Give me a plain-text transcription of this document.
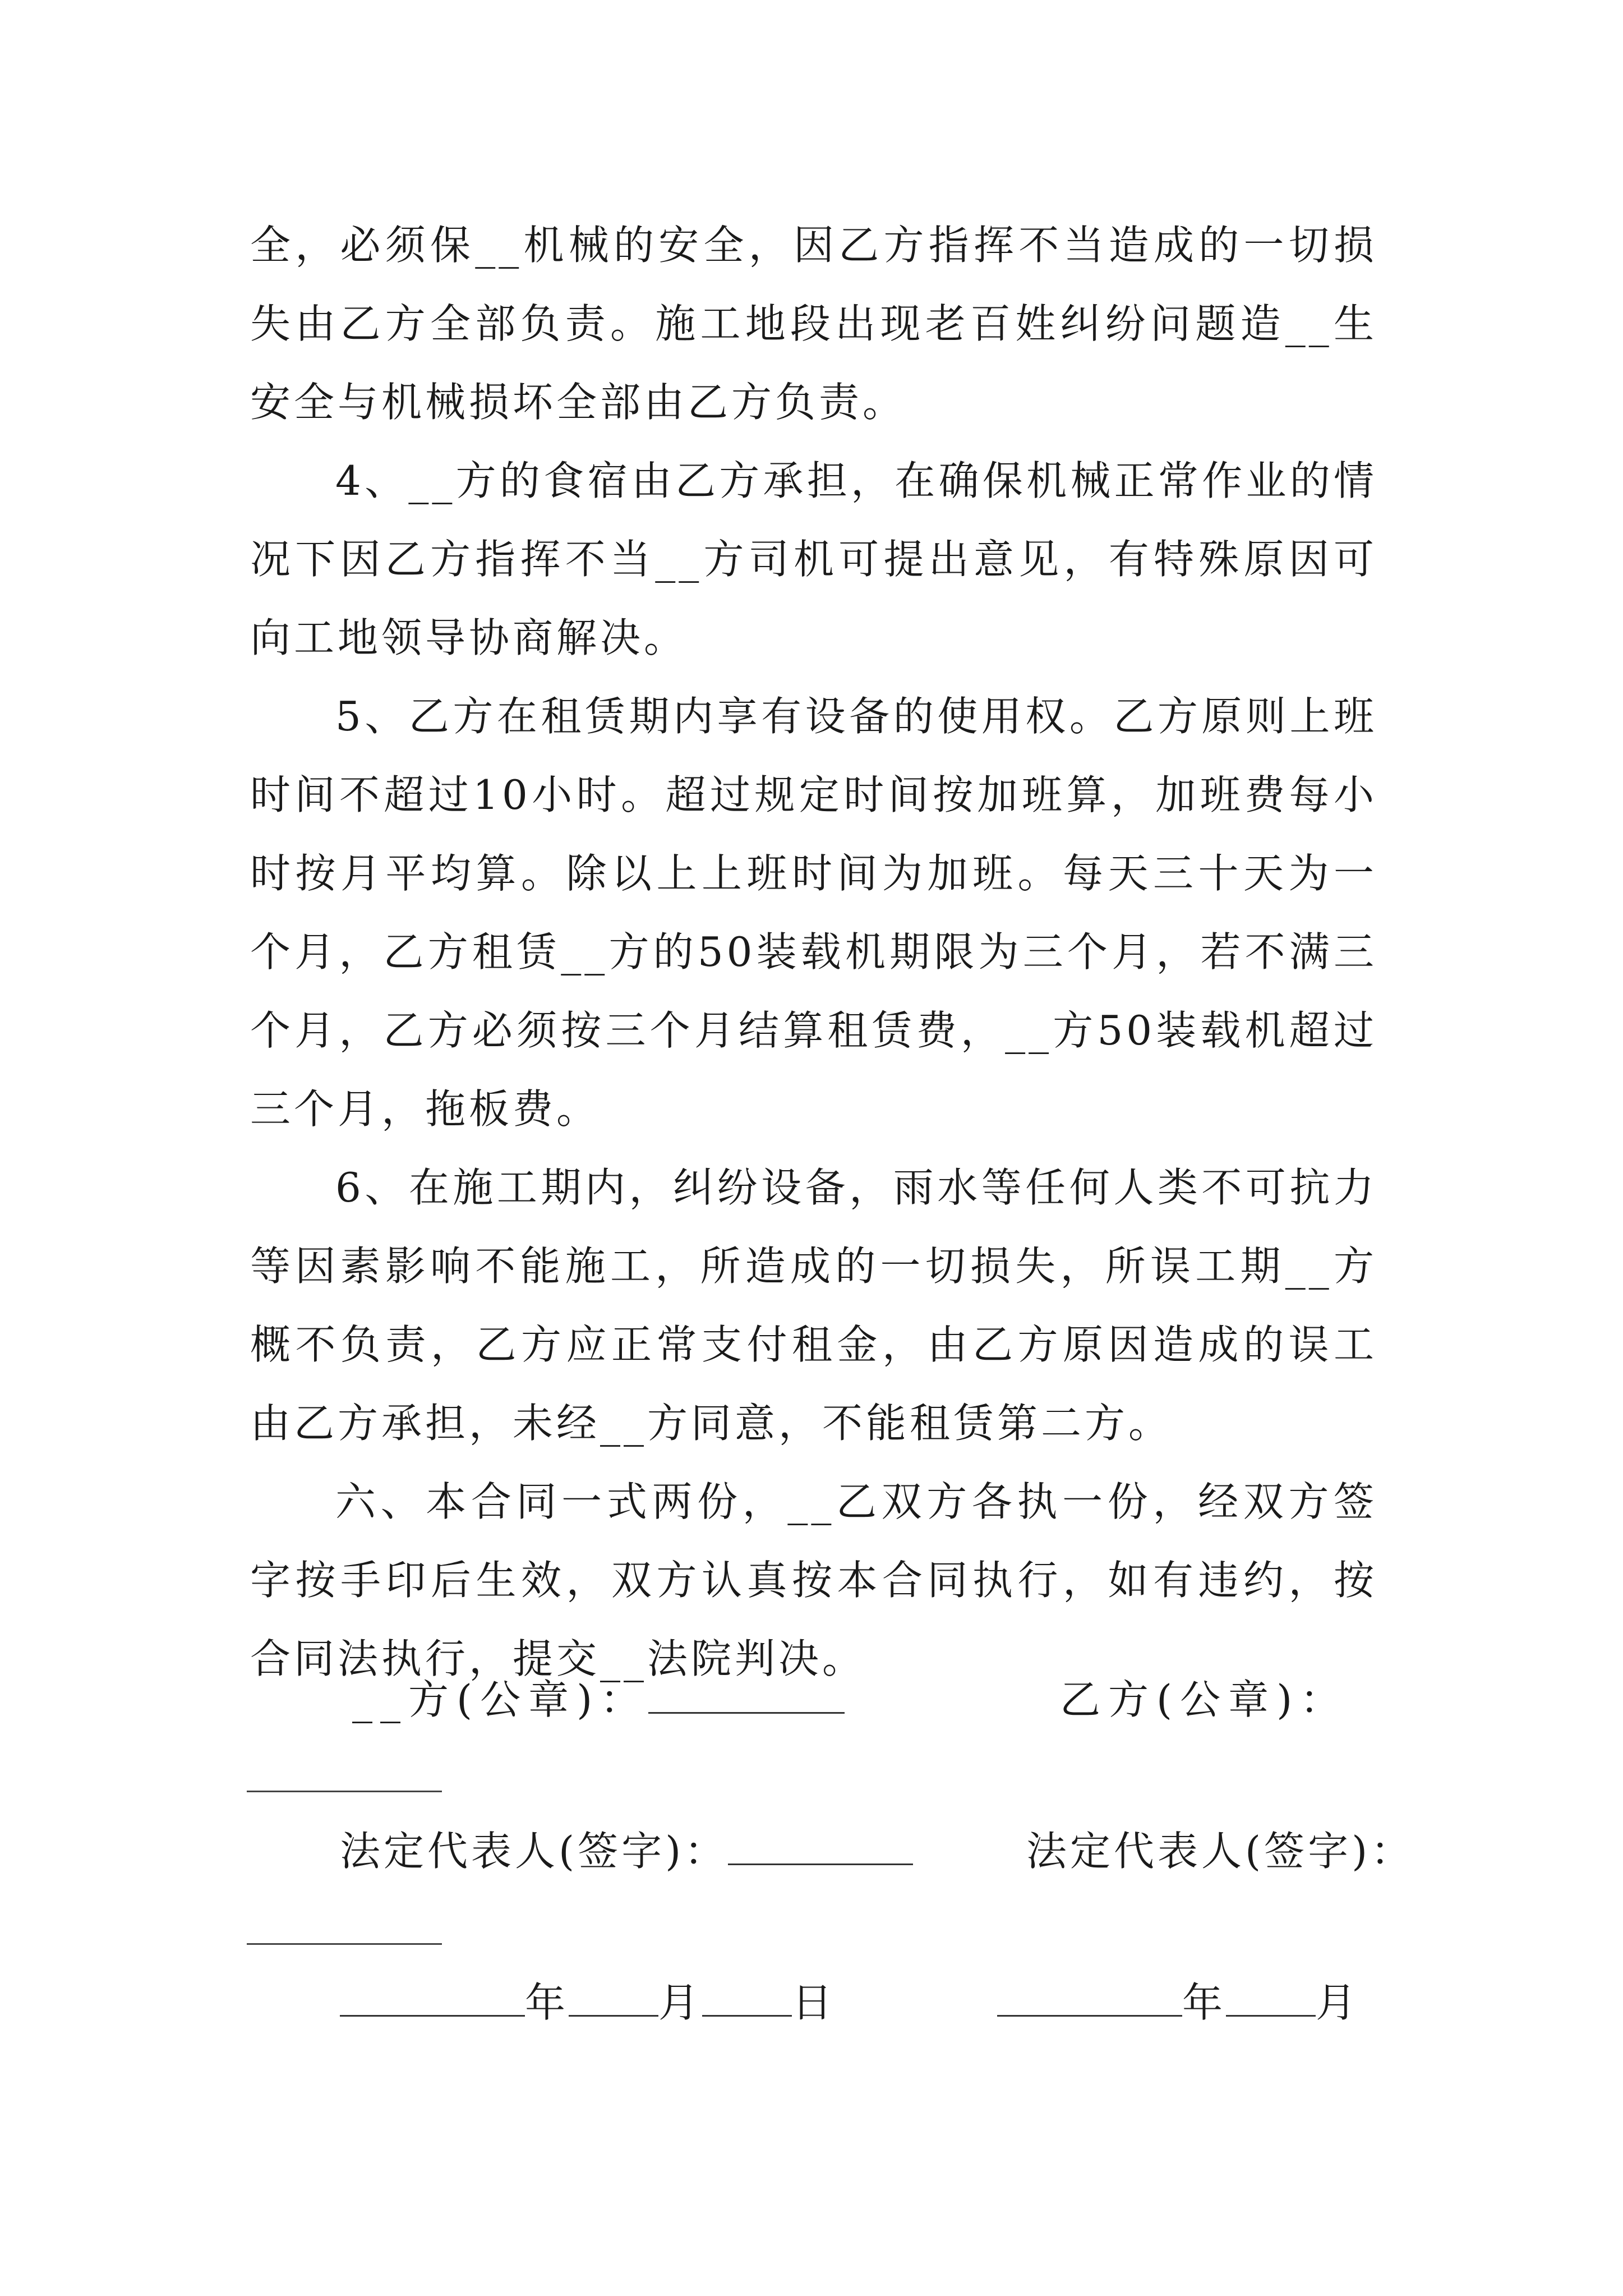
全，必须保__机械的安全，因乙方指挥不当造成的一切损失由乙方全部负责。施工地段出现老百姓纠纷问题造__生安全与机械损坏全部由乙方负责。

4、__方的食宿由乙方承担，在确保机械正常作业的情况下因乙方指挥不当__方司机可提出意见，有特殊原因可向工地领导协商解决。

5、乙方在租赁期内享有设备的使用权。乙方原则上班时间不超过10小时。超过规定时间按加班算，加班费每小时按月平均算。除以上上班时间为加班。每天三十天为一个月，乙方租赁__方的50装载机期限为三个月，若不满三个月，乙方必须按三个月结算租赁费，__方50装载机超过三个月，拖板费。

6、在施工期内，纠纷设备，雨水等任何人类不可抗力等因素影响不能施工，所造成的一切损失，所误工期__方概不负责，乙方应正常支付租金，由乙方原因造成的误工由乙方承担，未经__方同意，不能租赁第二方。

六、本合同一式两份，__乙双方各执一份，经双方签字按手印后生效，双方认真按本合同执行，如有违约，按合同法执行，提交__法院判决。

__方(公章)：	乙方(公章)：
法定代表人(签字)：	法定代表人(签字)：
年 月 日	年 月
